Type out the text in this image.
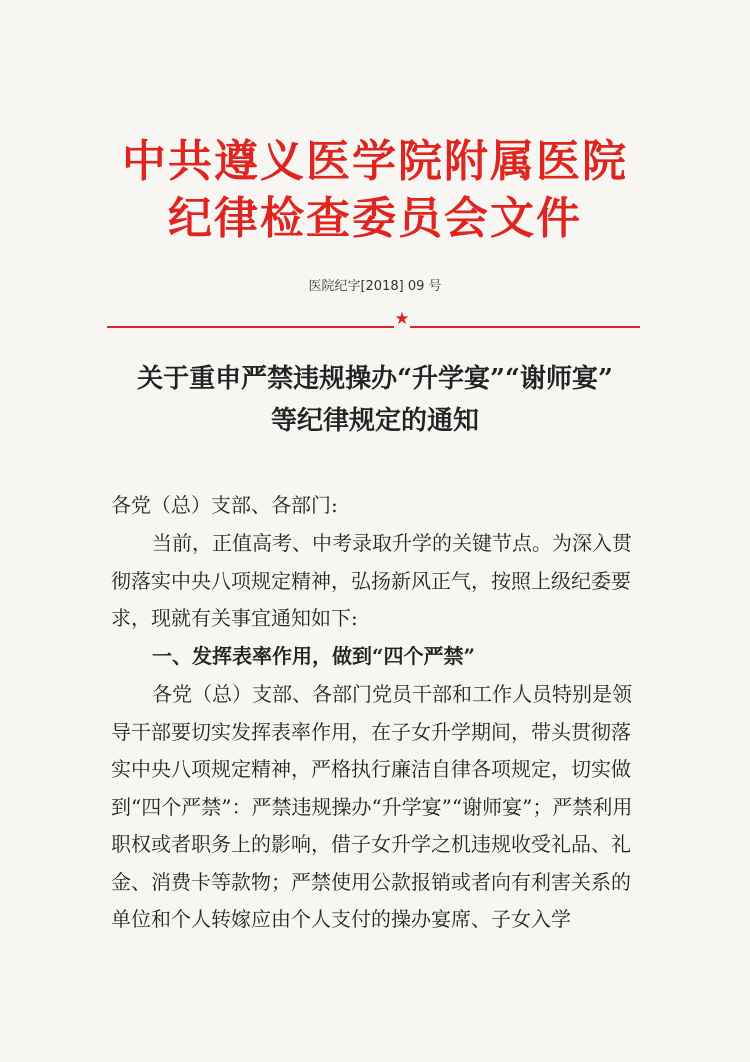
中共遵义医学院附属医院
纪律检查委员会文件
医院纪字[2018] 09 号
★
关于重申严禁违规操办“升学宴”“谢师宴”
等纪律规定的通知
各党（总）支部、各部门:
当前，正值高考、中考录取升学的关键节点。为深入贯彻落实中央八项规定精神，弘扬新风正气，按照上级纪委要求，现就有关事宜通知如下:
一、发挥表率作用，做到“四个严禁”
各党（总）支部、各部门党员干部和工作人员特别是领导干部要切实发挥表率作用，在子女升学期间，带头贯彻落实中央八项规定精神，严格执行廉洁自律各项规定，切实做到“四个严禁”：严禁违规操办“升学宴”“谢师宴”；严禁利用职权或者职务上的影响，借子女升学之机违规收受礼品、礼金、消费卡等款物；严禁使用公款报销或者向有利害关系的单位和个人转嫁应由个人支付的操办宴席、子女入学
